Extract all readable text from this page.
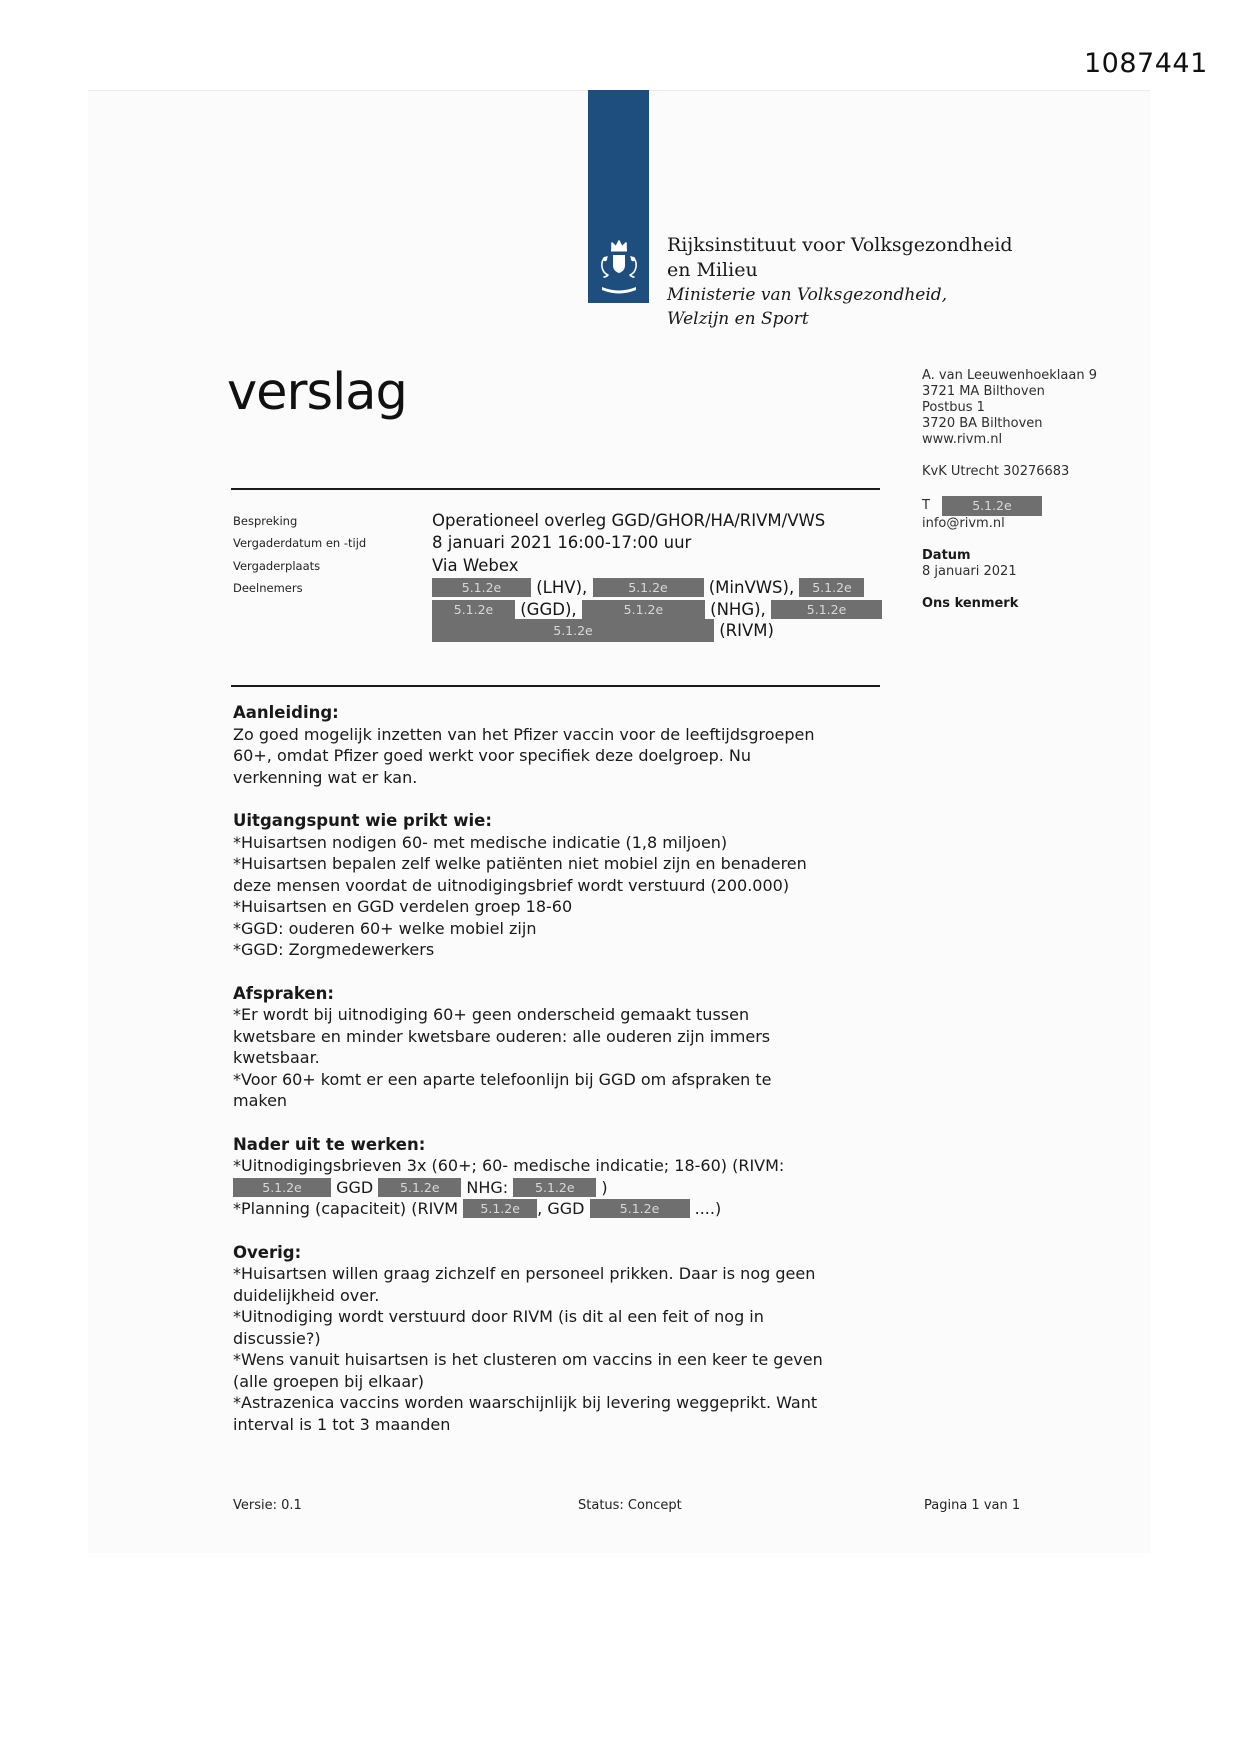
1087441
Rijksinstituut voor Volksgezondheid
en Milieu
Ministerie van Volksgezondheid,
Welzijn en Sport
verslag
Bespreking	Operationeel overleg GGD/GHOR/HA/RIVM/VWS
Vergaderdatum en -tijd	8 januari 2021 16:00-17:00 uur
Vergaderplaats	Via Webex
Deelnemers	5.1.2e	(LHV),	5.1.2e	(MinVWS),	5.1.2e
5.1.2e	(GGD),	5.1.2e	(NHG),	5.1.2e
5.1.2e	(RIVM)
A. van Leeuwenhoeklaan 9
3721 MA Bilthoven
Postbus 1
3720 BA Bilthoven
www.rivm.nl
KvK Utrecht 30276683
T	5.1.2e
info@rivm.nl
Datum
8 januari 2021
Ons kenmerk
Aanleiding:
Zo goed mogelijk inzetten van het Pfizer vaccin voor de leeftijdsgroepen
60+, omdat Pfizer goed werkt voor specifiek deze doelgroep. Nu
verkenning wat er kan.
Uitgangspunt wie prikt wie:
*Huisartsen nodigen 60- met medische indicatie (1,8 miljoen)
*Huisartsen bepalen zelf welke patiënten niet mobiel zijn en benaderen
deze mensen voordat de uitnodigingsbrief wordt verstuurd (200.000)
*Huisartsen en GGD verdelen groep 18-60
*GGD: ouderen 60+ welke mobiel zijn
*GGD: Zorgmedewerkers
Afspraken:
*Er wordt bij uitnodiging 60+ geen onderscheid gemaakt tussen
kwetsbare en minder kwetsbare ouderen: alle ouderen zijn immers
kwetsbaar.
*Voor 60+ komt er een aparte telefoonlijn bij GGD om afspraken te
maken
Nader uit te werken:
*Uitnodigingsbrieven 3x (60+; 60- medische indicatie; 18-60) (RIVM:
5.1.2e	GGD	5.1.2e	NHG:	5.1.2e	)
*Planning (capaciteit) (RIVM	5.1.2e	, GGD	5.1.2e	....)
Overig:
*Huisartsen willen graag zichzelf en personeel prikken. Daar is nog geen
duidelijkheid over.
*Uitnodiging wordt verstuurd door RIVM (is dit al een feit of nog in
discussie?)
*Wens vanuit huisartsen is het clusteren om vaccins in een keer te geven
(alle groepen bij elkaar)
*Astrazenica vaccins worden waarschijnlijk bij levering weggeprikt. Want
interval is 1 tot 3 maanden
Versie: 0.1	Status: Concept	Pagina 1 van 1
